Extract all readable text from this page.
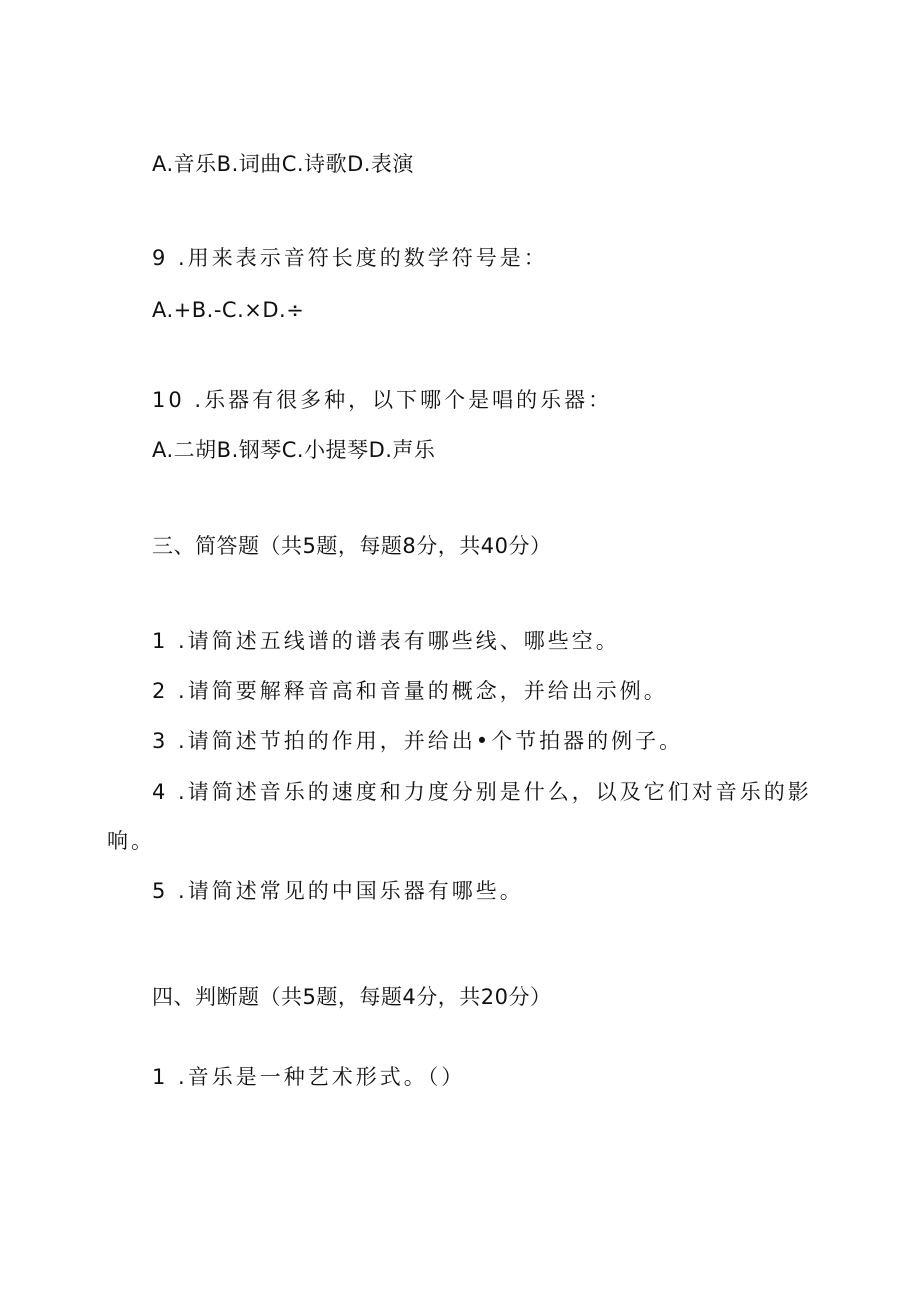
A.音乐B.词曲C.诗歌D.表演
9 .用来表示音符长度的数学符号是：
A.+B.-C.×D.÷
10 .乐器有很多种，以下哪个是唱的乐器：
A.二胡B.钢琴C.小提琴D.声乐
三、简答题（共5题，每题8分，共40分）
1 .请简述五线谱的谱表有哪些线、哪些空。
2 .请简要解释音高和音量的概念，并给出示例。
3 .请简述节拍的作用，并给出•个节拍器的例子。
4 .请简述音乐的速度和力度分别是什么，以及它们对音乐的影
响。
5 .请简述常见的中国乐器有哪些。
四、判断题（共5题，每题4分，共20分）
1 .音乐是一种艺术形式。（）
